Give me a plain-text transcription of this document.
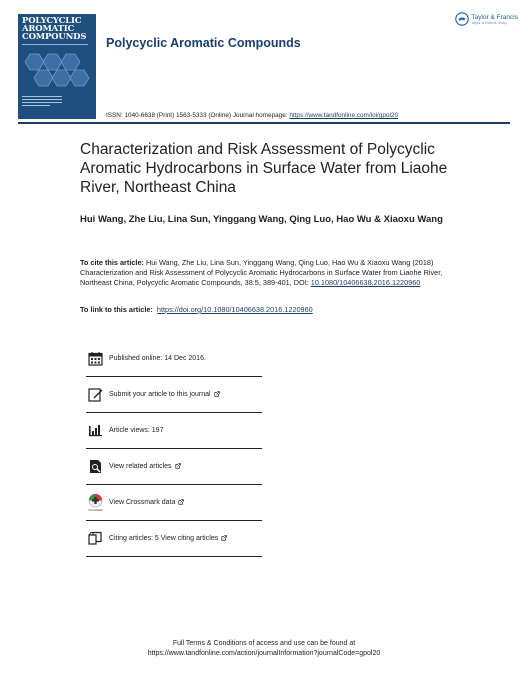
POLYCYCLIC
AROMATIC
COMPOUNDS	Polycyclic Aromatic Compounds
Taylor & Francis
Taylor & Francis Group
ISSN: 1040-6638 (Print) 1563-5333 (Online) Journal homepage: https://www.tandfonline.com/loi/gpol20
Characterization and Risk Assessment of Polycyclic Aromatic Hydrocarbons in Surface Water from Liaohe River, Northeast China
Hui Wang, Zhe Liu, Lina Sun, Yinggang Wang, Qing Luo, Hao Wu & Xiaoxu Wang
To cite this article: Hui Wang, Zhe Liu, Lina Sun, Yinggang Wang, Qing Luo, Hao Wu & Xiaoxu Wang (2018) Characterization and Risk Assessment of Polycyclic Aromatic Hydrocarbons in Surface Water from Liaohe River, Northeast China, Polycyclic Aromatic Compounds, 38:5, 389-401, DOI: 10.1080/10406638.2016.1220960
To link to this article: https://doi.org/10.1080/10406638.2016.1220960
Published online: 14 Dec 2016.
Submit your article to this journal
Article views: 197
View related articles
CrossMark
View Crossmark data
Citing articles: 5 View citing articles
Full Terms & Conditions of access and use can be found at
https://www.tandfonline.com/action/journalInformation?journalCode=gpol20
